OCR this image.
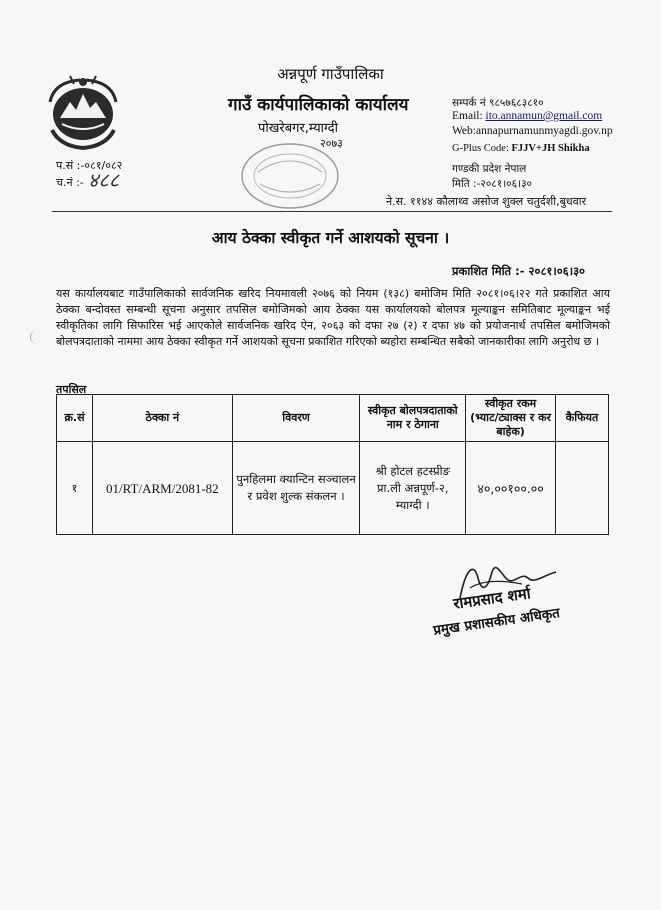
अन्नपूर्ण गाउँपालिका
गाउँ कार्यपालिकाको कार्यालय
पोखरेबगर,म्याग्दी
२०७३
सम्पर्क नं ९८५७६८३८१०
Email: ito.annamun@gmail.com
Web:annapurnamunmyagdi.gov.np
G-Plus Code: FJJV+JH Shikha
गण्डकी प्रदेश नेपाल
मिति :-२०८१।०६।३०
प.सं :-०८१/०८२
च.नं :- ४८८
ने.स. ११४४ कौलाथ्व असोज शुक्ल चतुर्दशी,बुधवार
आय ठेक्का स्वीकृत गर्ने आशयको सूचना ।
प्रकाशित मिति :- २०८१।०६।३०
यस कार्यालयबाट गाउँपालिकाको सार्वजनिक खरिद नियमावली २०७६ को नियम (१३८) बमोजिम मिति २०८१।०६।२२ गते प्रकाशित आय ठेक्का बन्दोवस्त सम्बन्धी सूचना अनुसार तपसिल बमोजिमको आय ठेक्का यस कार्यालयको बोलपत्र मूल्याङ्कन समितिबाट मूल्याङ्कन भई स्वीकृतिका लागि सिफारिस भई आएकोले सार्वजनिक खरिद ऐन, २०६३ को दफा २७ (२) र दफा ४७ को प्रयोजनार्थ तपसिल बमोजिमको बोलपत्रदाताको नाममा आय ठेक्का स्वीकृत गर्ने आशयको सूचना प्रकाशित गरिएको ब्यहोरा सम्बन्धित सबैको जानकारीका लागि अनुरोध छ ।
तपसिल
क्र.सं	ठेक्का नं	विवरण	स्वीकृत बोलपत्रदाताको नाम र ठेगाना	स्वीकृत रकम (भ्याट/ट्याक्स र कर बाहेक)	कैफियत
१	01/RT/ARM/2081-82	पुनहिलमा क्यान्टिन सञ्चालन र प्रवेश शुल्क संकलन ।	श्री होटल हटस्प्रीङ प्रा.ली अन्नपूर्ण-२, म्याग्दी ।	४०,००१००.००	
रामप्रसाद शर्मा
प्रमुख प्रशासकीय अधिकृत
